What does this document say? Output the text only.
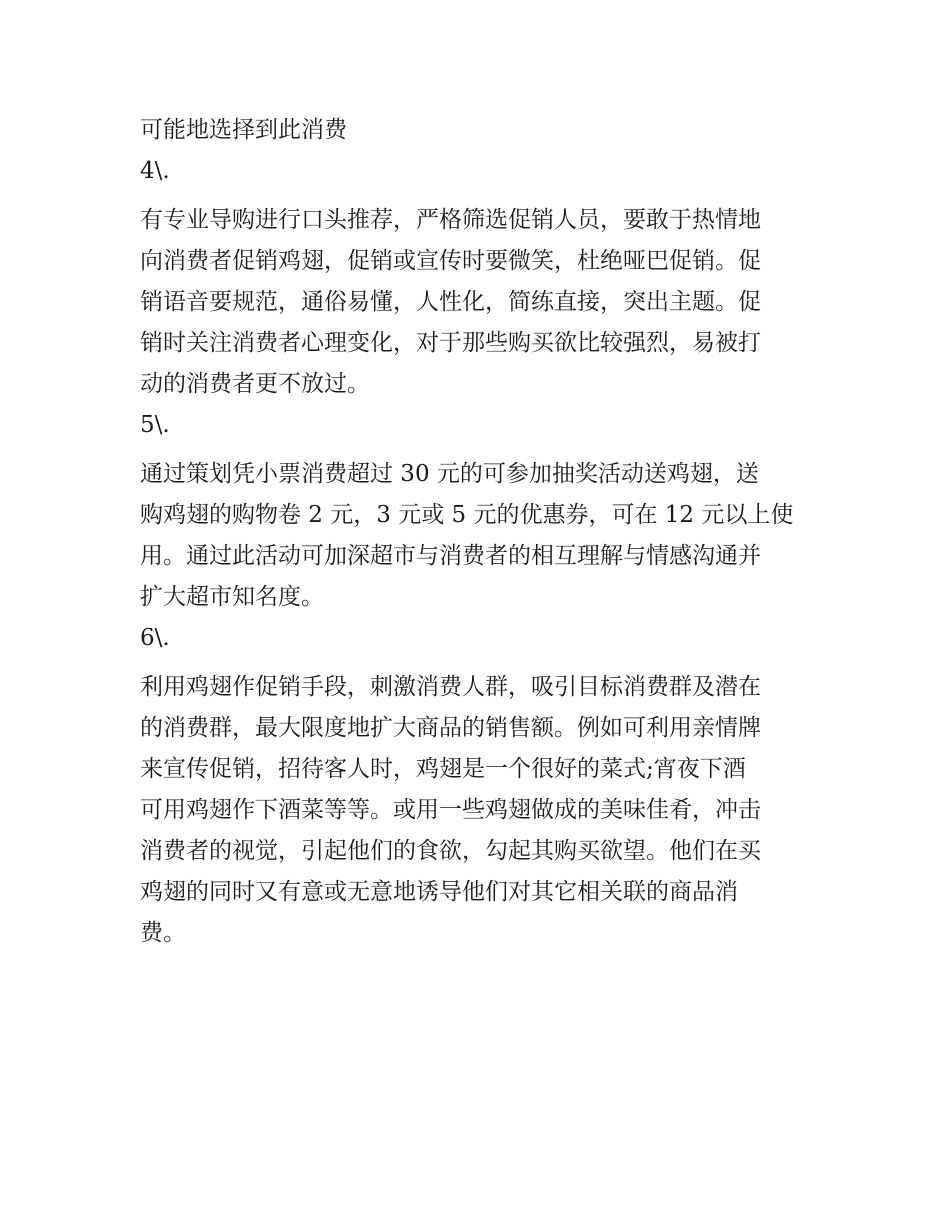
可能地选择到此消费
4\.
有专业导购进行口头推荐，严格筛选促销人员，要敢于热情地
向消费者促销鸡翅，促销或宣传时要微笑，杜绝哑巴促销。促
销语音要规范，通俗易懂，人性化，简练直接，突出主题。促
销时关注消费者心理变化，对于那些购买欲比较强烈，易被打
动的消费者更不放过。
5\.
通过策划凭小票消费超过 30 元的可参加抽奖活动送鸡翅，送
购鸡翅的购物卷 2 元，3 元或 5 元的优惠券，可在 12 元以上使
用。通过此活动可加深超市与消费者的相互理解与情感沟通并
扩大超市知名度。
6\.
利用鸡翅作促销手段，刺激消费人群，吸引目标消费群及潜在
的消费群，最大限度地扩大商品的销售额。例如可利用亲情牌
来宣传促销，招待客人时，鸡翅是一个很好的菜式;宵夜下酒
可用鸡翅作下酒菜等等。或用一些鸡翅做成的美味佳肴，冲击
消费者的视觉，引起他们的食欲，勾起其购买欲望。他们在买
鸡翅的同时又有意或无意地诱导他们对其它相关联的商品消
费。
